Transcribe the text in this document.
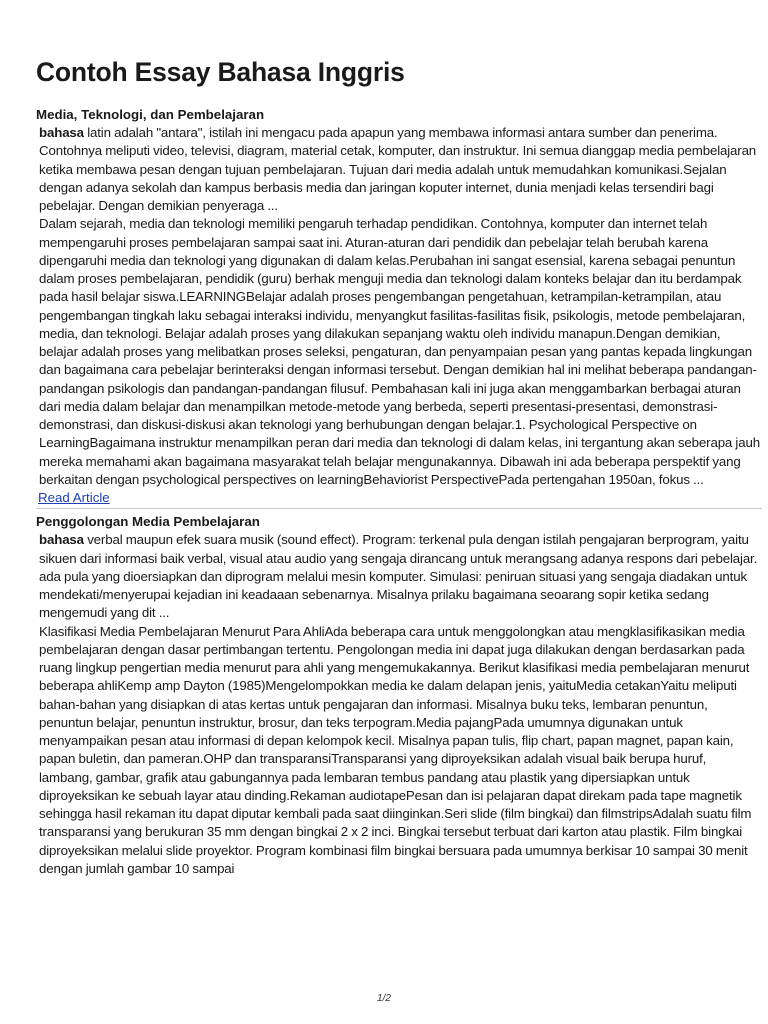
Contoh Essay Bahasa Inggris
Media, Teknologi, dan Pembelajaran

bahasa latin adalah "antara", istilah ini mengacu pada apapun yang membawa informasi antara sumber dan penerima. Contohnya meliputi video, televisi, diagram, material cetak, komputer, dan instruktur. Ini semua dianggap media pembelajaran ketika membawa pesan dengan tujuan pembelajaran. Tujuan dari media adalah untuk memudahkan komunikasi.Sejalan dengan adanya sekolah dan kampus berbasis media dan jaringan koputer internet, dunia menjadi kelas tersendiri bagi pebelajar. Dengan demikian penyeraga ...

Dalam sejarah, media dan teknologi memiliki pengaruh terhadap pendidikan. Contohnya, komputer dan internet telah mempengaruhi proses pembelajaran sampai saat ini. Aturan-aturan dari pendidik dan pebelajar telah berubah karena dipengaruhi media dan teknologi yang digunakan di dalam kelas.Perubahan ini sangat esensial, karena sebagai penuntun dalam proses pembelajaran, pendidik (guru) berhak menguji media dan teknologi dalam konteks belajar dan itu berdampak pada hasil belajar siswa.LEARNINGBelajar adalah proses pengembangan pengetahuan, ketrampilan-ketrampilan, atau pengembangan tingkah laku sebagai interaksi individu, menyangkut fasilitas-fasilitas fisik, psikologis, metode pembelajaran, media, dan teknologi. Belajar adalah proses yang dilakukan sepanjang waktu oleh individu manapun.Dengan demikian, belajar adalah proses yang melibatkan proses seleksi, pengaturan, dan penyampaian pesan yang pantas kepada lingkungan dan bagaimana cara pebelajar berinteraksi dengan informasi tersebut. Dengan demikian hal ini melihat beberapa pandangan-pandangan psikologis dan pandangan-pandangan filusuf. Pembahasan kali ini juga akan menggambarkan berbagai aturan dari media dalam belajar dan menampilkan metode-metode yang berbeda, seperti presentasi-presentasi, demonstrasi-demonstrasi, dan diskusi-diskusi akan teknologi yang berhubungan dengan belajar.1. Psychological Perspective on LearningBagaimana instruktur menampilkan peran dari media dan teknologi di dalam kelas, ini tergantung akan seberapa jauh mereka memahami akan bagaimana masyarakat telah belajar mengunakannya. Dibawah ini ada beberapa perspektif yang berkaitan dengan psychological perspectives on learningBehaviorist PerspectivePada pertengahan 1950an, fokus ...

Read Article
Penggolongan Media Pembelajaran

bahasa verbal maupun efek suara musik (sound effect). Program: terkenal pula dengan istilah pengajaran berprogram, yaitu sikuen dari informasi baik verbal, visual atau audio yang sengaja dirancang untuk merangsang adanya respons dari pebelajar. ada pula yang dioersiapkan dan diprogram melalui mesin komputer. Simulasi: peniruan situasi yang sengaja diadakan untuk mendekati/menyerupai kejadian ini keadaaan sebenarnya. Misalnya prilaku bagaimana seoarang sopir ketika sedang mengemudi yang dit ...

Klasifikasi Media Pembelajaran Menurut Para AhliAda beberapa cara untuk menggolongkan atau mengklasifikasikan media pembelajaran dengan dasar pertimbangan tertentu. Pengolongan media ini dapat juga dilakukan dengan berdasarkan pada ruang lingkup pengertian media menurut para ahli yang mengemukakannya. Berikut klasifikasi media pembelajaran menurut beberapa ahliKemp amp Dayton (1985)Mengelompokkan media ke dalam delapan jenis, yaituMedia cetakanYaitu meliputi bahan-bahan yang disiapkan di atas kertas untuk pengajaran dan informasi. Misalnya buku teks, lembaran penuntun, penuntun belajar, penuntun instruktur, brosur, dan teks terpogram.Media pajangPada umumnya digunakan untuk menyampaikan pesan atau informasi di depan kelompok kecil. Misalnya papan tulis, flip chart, papan magnet, papan kain, papan buletin, dan pameran.OHP dan transparansiTransparansi yang diproyeksikan adalah visual baik berupa huruf, lambang, gambar, grafik atau gabungannya pada lembaran tembus pandang atau plastik yang dipersiapkan untuk diproyeksikan ke sebuah layar atau dinding.Rekaman audiotapePesan dan isi pelajaran dapat direkam pada tape magnetik sehingga hasil rekaman itu dapat diputar kembali pada saat diinginkan.Seri slide (film bingkai) dan filmstripsAdalah suatu film transparansi yang berukuran 35 mm dengan bingkai 2 x 2 inci. Bingkai tersebut terbuat dari karton atau plastik. Film bingkai diproyeksikan melalui slide proyektor. Program kombinasi film bingkai bersuara pada umumnya berkisar 10 sampai 30 menit dengan jumlah gambar 10 sampai

1/2
